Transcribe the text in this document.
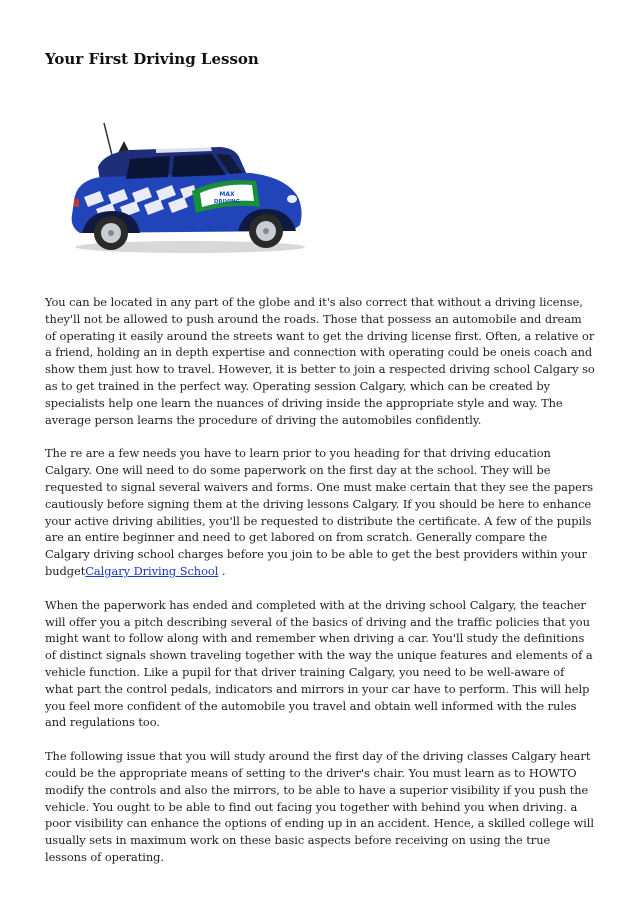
Your First Driving Lesson
MAX
DRIVING

You can be located in any part of the globe and it's also correct that without a driving license, they'll not be allowed to push around the roads. Those that possess an automobile and dream of operating it easily around the streets want to get the driving license first. Often, a relative or a friend, holding an in depth expertise and connection with operating could be oneis coach and show them just how to travel. However, it is better to join a respected driving school Calgary so as to get trained in the perfect way. Operating session Calgary, which can be created by specialists help one learn the nuances of driving inside the appropriate style and way. The average person learns the procedure of driving the automobiles confidently.

The re are a few needs you have to learn prior to you heading for that driving education Calgary. One will need to do some paperwork on the first day at the school. They will be requested to signal several waivers and forms. One must make certain that they see the papers cautiously before signing them at the driving lessons Calgary. If you should be here to enhance your active driving abilities, you'll be requested to distribute the certificate. A few of the pupils are an entire beginner and need to get labored on from scratch. Generally compare the Calgary driving school charges before you join to be able to get the best providers within your budgetCalgary Driving School .

When the paperwork has ended and completed with at the driving school Calgary, the teacher will offer you a pitch describing several of the basics of driving and the traffic policies that you might want to follow along with and remember when driving a car. You'll study the definitions of distinct signals shown traveling together with the way the unique features and elements of a vehicle function. Like a pupil for that driver training Calgary, you need to be well-aware of what part the control pedals, indicators and mirrors in your car have to perform. This will help you feel more confident of the automobile you travel and obtain well informed with the rules and regulations too.

The following issue that you will study around the first day of the driving classes Calgary heart could be the appropriate means of setting to the driver's chair. You must learn as to HOWTO modify the controls and also the mirrors, to be able to have a superior visibility if you push the vehicle. You ought to be able to find out facing you together with behind you when driving. a poor visibility can enhance the options of ending up in an accident. Hence, a skilled college will usually sets in maximum work on these basic aspects before receiving on using the true lessons of operating.
